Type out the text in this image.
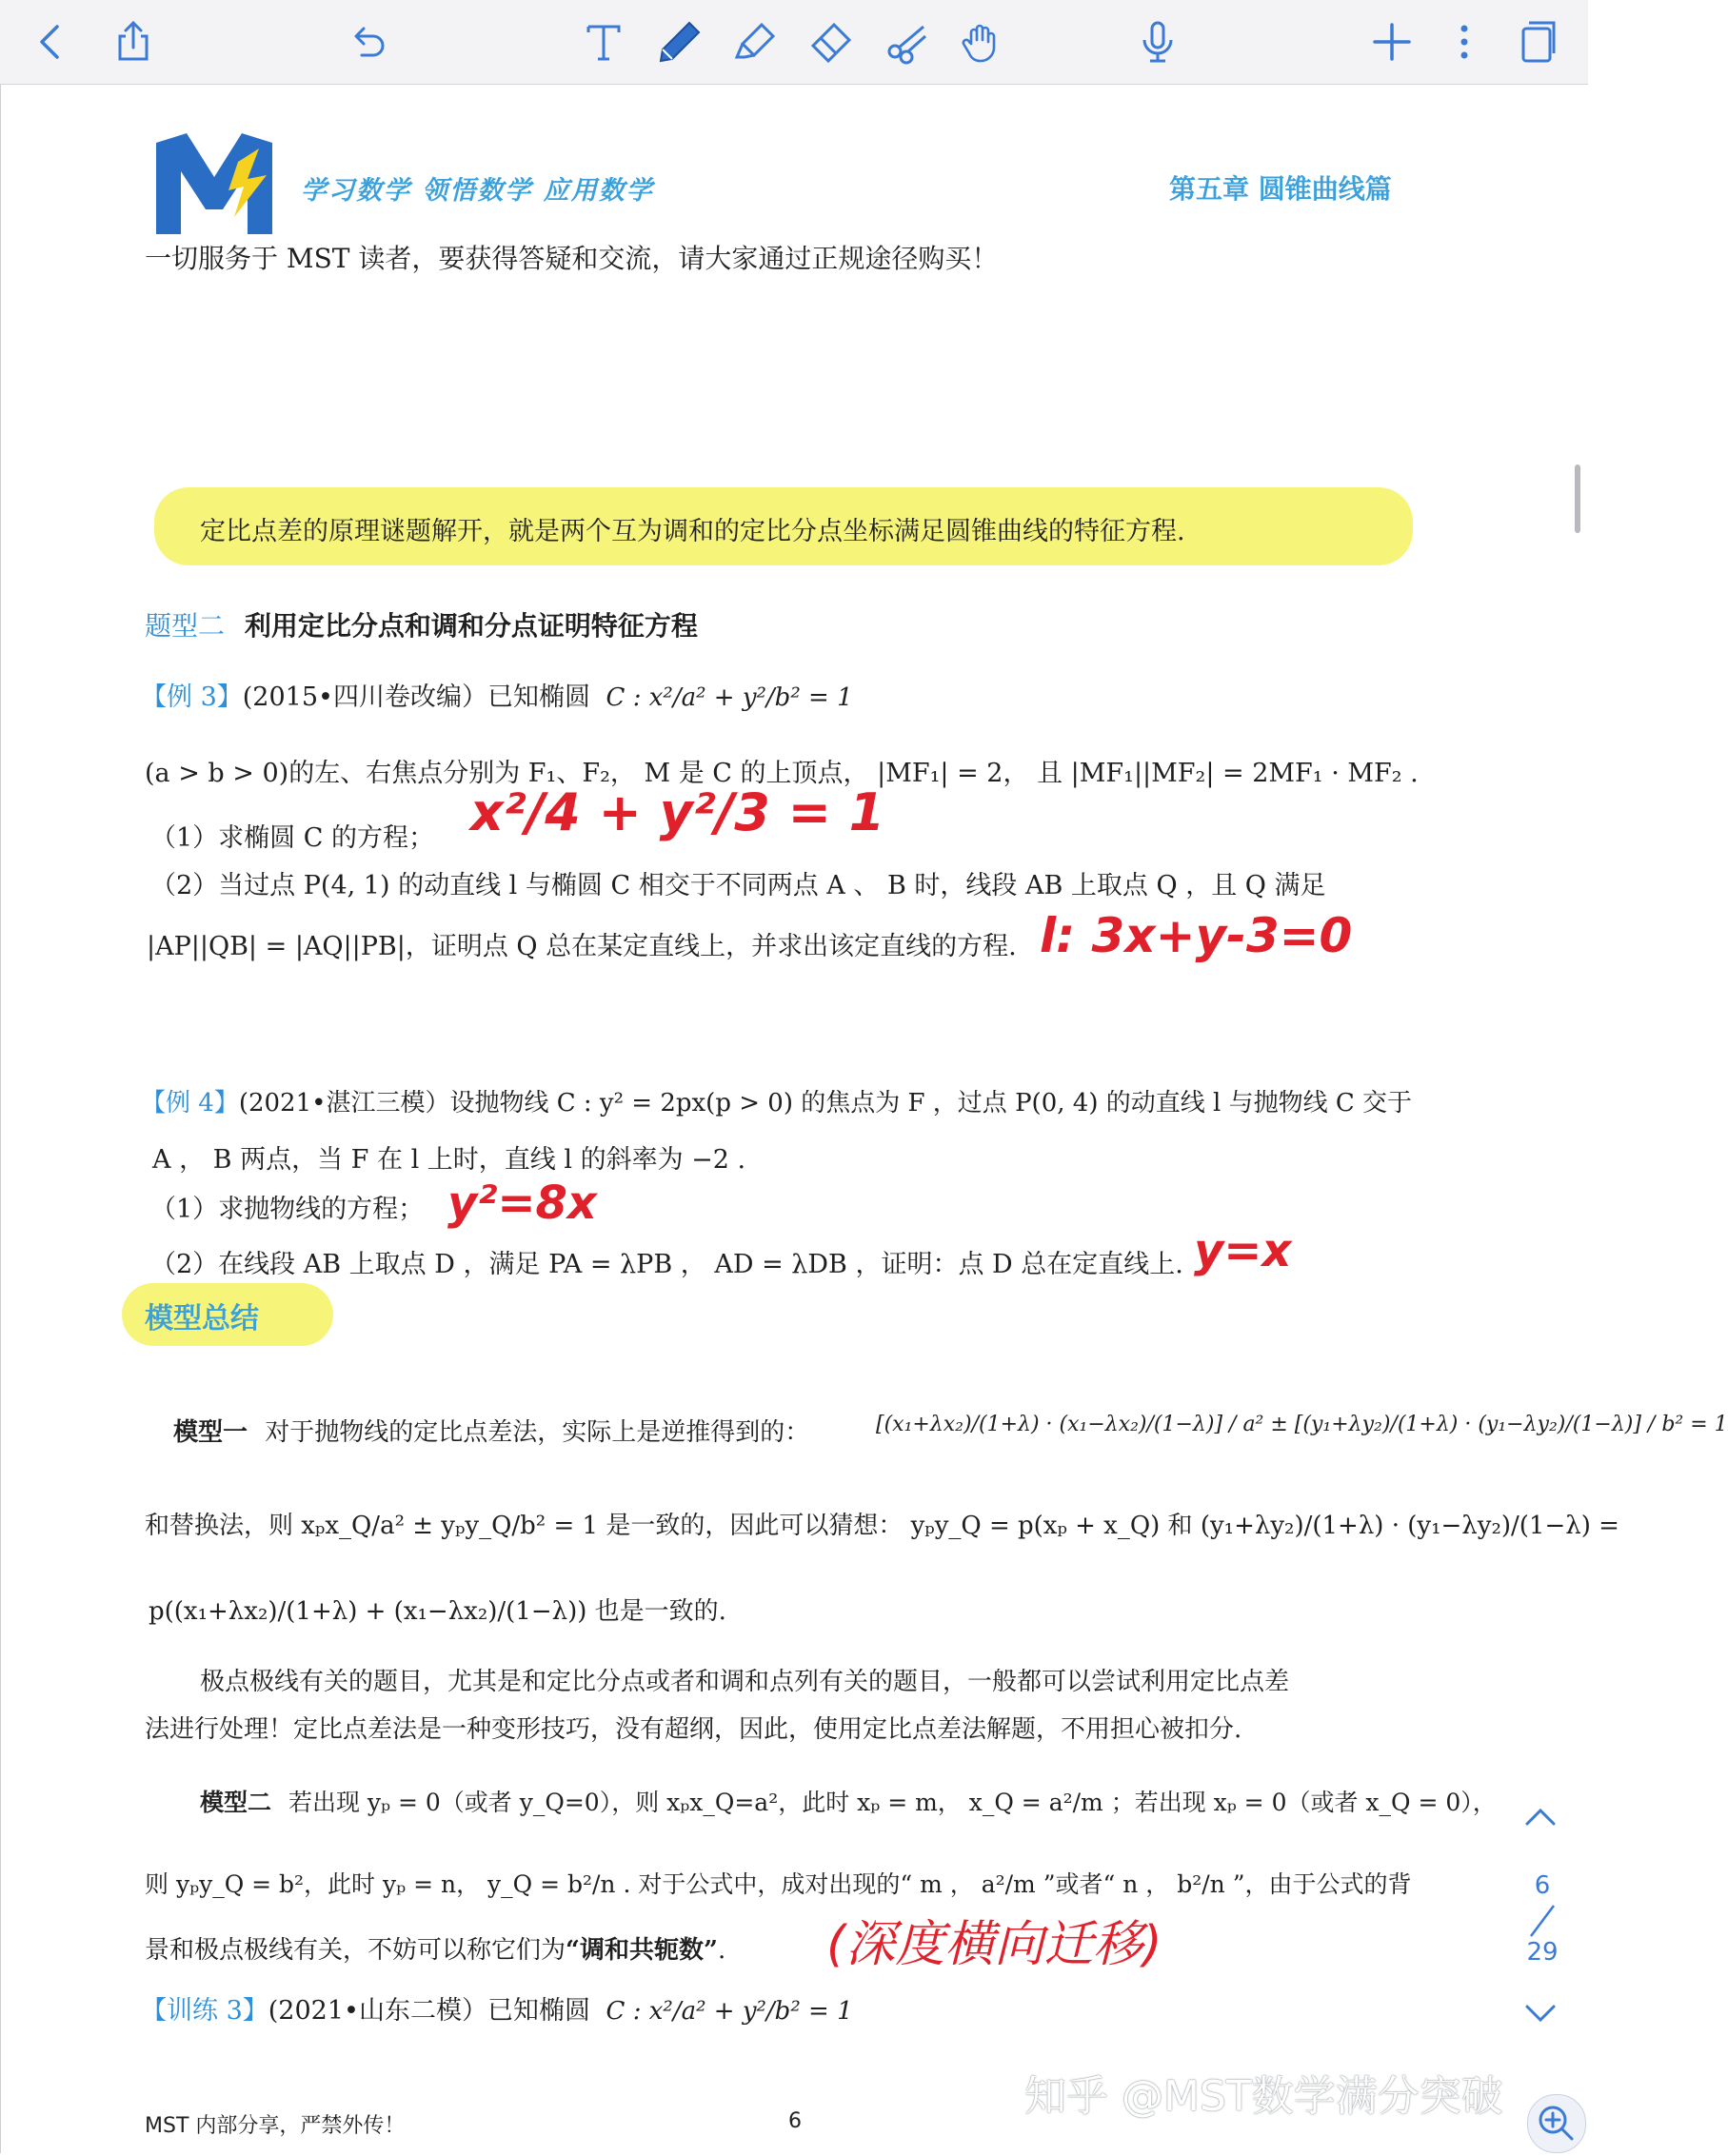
学习数学 领悟数学 应用数学	第五章 圆锥曲线篇
一切服务于 MST 读者，要获得答疑和交流，请大家通过正规途径购买！
定比点差的原理谜题解开，就是两个互为调和的定比分点坐标满足圆锥曲线的特征方程.
题型二 利用定比分点和调和分点证明特征方程
【例 3】(2015•四川卷改编）已知椭圆 C : x²/a² + y²/b² = 1
(a > b > 0)的左、右焦点分别为 F₁、F₂， M 是 C 的上顶点， |MF₁| = 2， 且 |MF₁||MF₂| = 2MF₁ · MF₂ .
（1）求椭圆 C 的方程； x²/4 + y²/3 = 1
（2）当过点 P(4, 1) 的动直线 l 与椭圆 C 相交于不同两点 A 、 B 时，线段 AB 上取点 Q ，且 Q 满足
|AP||QB| = |AQ||PB|，证明点 Q 总在某定直线上，并求出该定直线的方程. l: 3x+y-3=0
【例 4】(2021•湛江三模）设抛物线 C : y² = 2px(p > 0) 的焦点为 F ，过点 P(0, 4) 的动直线 l 与抛物线 C 交于
A ， B 两点，当 F 在 l 上时，直线 l 的斜率为 −2 .
（1）求抛物线的方程； y²=8x
（2）在线段 AB 上取点 D ，满足 PA = λPB ， AD = λDB ，证明：点 D 总在定直线上. y=x
模型总结
模型一 对于抛物线的定比点差法，实际上是逆推得到的：	[(x₁+λx₂)/(1+λ) · (x₁−λx₂)/(1−λ)] / a² ± [(y₁+λy₂)/(1+λ) · (y₁−λy₂)/(1−λ)] / b² = 1
和替换法，则 xₚx_Q/a² ± yₚy_Q/b² = 1 是一致的，因此可以猜想： yₚy_Q = p(xₚ + x_Q) 和 (y₁+λy₂)/(1+λ) · (y₁−λy₂)/(1−λ) =
p((x₁+λx₂)/(1+λ) + (x₁−λx₂)/(1−λ)) 也是一致的.
极点极线有关的题目，尤其是和定比分点或者和调和点列有关的题目，一般都可以尝试利用定比点差
法进行处理！定比点差法是一种变形技巧，没有超纲，因此，使用定比点差法解题，不用担心被扣分.
模型二 若出现 yₚ = 0（或者 y_Q=0），则 xₚx_Q=a²，此时 xₚ = m， x_Q = a²/m ；若出现 xₚ = 0（或者 x_Q = 0），
则 yₚy_Q = b²，此时 yₚ = n， y_Q = b²/n . 对于公式中，成对出现的“ m ， a²/m ”或者“ n ， b²/n ”，由于公式的背
景和极点极线有关，不妨可以称它们为“调和共轭数”. (深度横向迁移)
【训练 3】(2021•山东二模）已知椭圆 C : x²/a² + y²/b² = 1
MST 内部分享，严禁外传！	6
知乎 @MST数学满分突破
6
29
